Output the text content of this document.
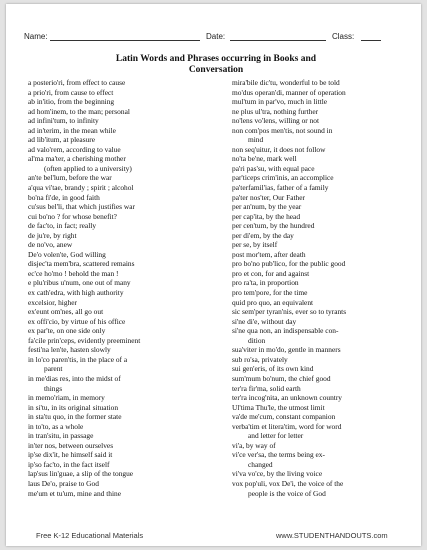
Name:	Date:	Class:
Latin Words and Phrases occurring in Books and
Conversation
a posterio'ri, from effect to cause
a prio'ri, from cause to effect
ab in'itio, from the beginning
ad hom'inem, to the man; personal
ad infini'tum, to infinity
ad in'terim, in the mean while
ad lib'itum, at pleasure
ad valo'rem, according to value
al'ma ma'ter, a cherishing mother
(often applied to a university)
an'te bel'lum, before the war
a'qua vi'tae, brandy ; spirit ; alcohol
bo'na fi'de, in good faith
cu'sus bel'li, that which justifies war
cui bo'no ? for whose benefit?
de fac'to, in fact; really
de ju're, by right
de no'vo, anew
De'o volen'te, God willing
disjec'ta mem'bra, scattered remains
ec'ce ho'mo ! behold the man !
e plu'ribus u'num, one out of many
ex cath'edra, with high authority
excelsior, higher
ex'eunt om'nes, all go out
ex offi'cio, by virtue of his office
ex par'te, on one side only
fa'cile prin'ceps, evidently preeminent
festi'na len'te, hasten slowly
in lo'co paren'tis, in the place of a
parent
in me'dias res, into the midst of
things
in memo'riam, in memory
in si'tu, in its original situation
in sta'tu quo, in the former state
in to'to, as a whole
in tran'situ, in passage
in'ter nos, between ourselves
ip'se dix'it, he himself said it
ip'so fac'to, in the fact itself
lap'sus lin'guae, a slip of the tongue
laus De'o, praise to God
me'um et tu'um, mine and thine
mira'bile dic'tu, wonderful to be told
mo'dus operan'di, manner of operation
mul'tum in par'vo, much in little
ne plus ul'tra, nothing further
no'lens vo'lens, willing or not
non com'pos men'tis, not sound in
mind
non seq'uitur, it does not follow
no'ta be'ne, mark well
pa'ri pas'su, with equal pace
par'ticeps crim'inis, an accomplice
pa'terfamil'ias, father of a family
pa'ter nos'ter, Our Father
per an'num, by the year
per cap'ita, by the head
per cen'tum, by the hundred
per di'em, by the day
per se, by itself
post mor'tem, after death
pro bo'no pub'lico, for the public good
pro et con, for and against
pro ra'ta, in proportion
pro tem'pore, for the time
quid pro quo, an equivalent
sic sem'per tyran'nis, ever so to tyrants
si'ne di'e, without day
si'ne qua non, an indispensable con-
dition
sua'viter in mo'do, gentle in manners
sub ro'sa, privately
sui gen'eris, of its own kind
sum'mum bo'num, the chief good
ter'ra fir'ma, solid earth
ter'ra incog'nita, an unknown country
Ul'tima Thu'le, the utmost limit
va'de me'cum, constant companion
verba'tim et litera'tim, word for word
and letter for letter
vi'a, by way of
vi'ce ver'sa, the terms being ex-
changed
vi'va vo'ce, by the living voice
vox pop'uli, vox De'i, the voice of the
people is the voice of God
Free K-12 Educational Materials	www.STUDENTHANDOUTS.com
